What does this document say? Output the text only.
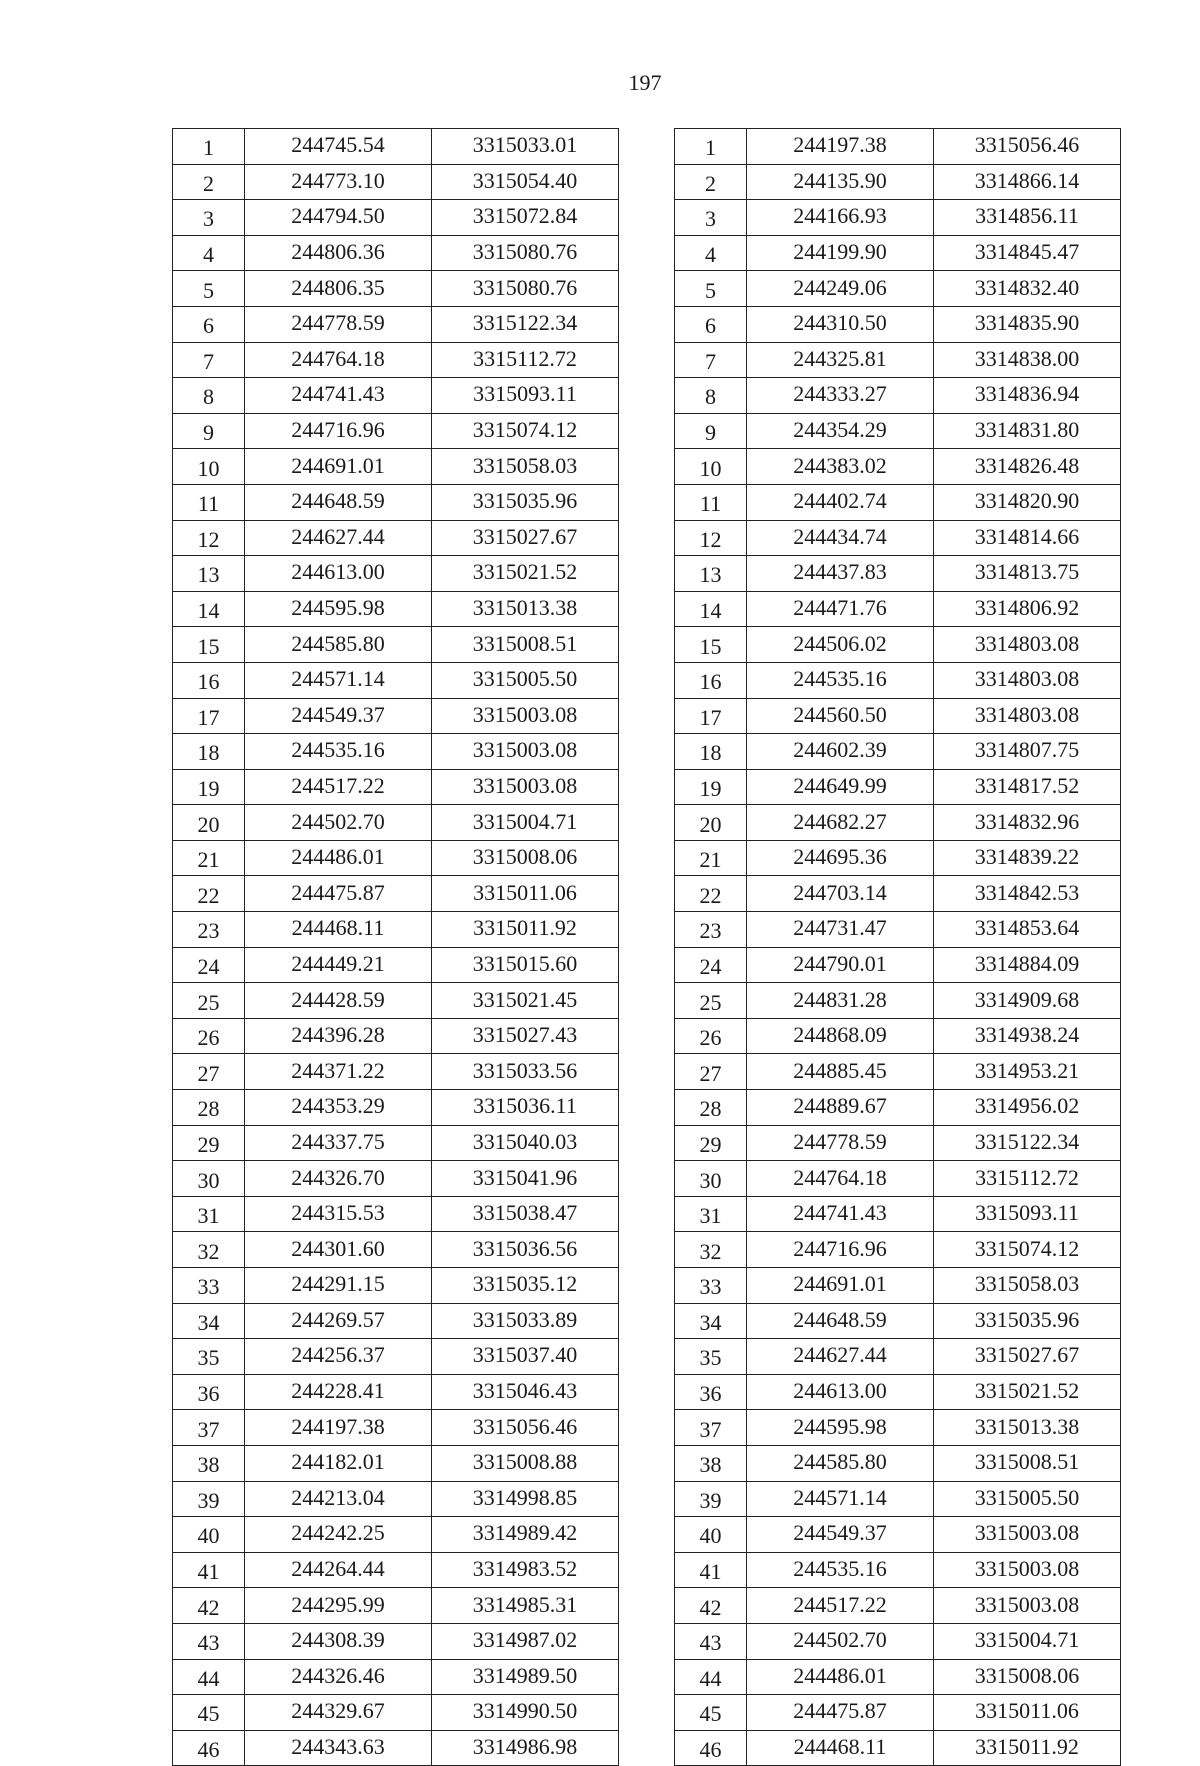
197
1	244745.54	3315033.01		1	244197.38	3315056.46
2	244773.10	3315054.40		2	244135.90	3314866.14
3	244794.50	3315072.84		3	244166.93	3314856.11
4	244806.36	3315080.76		4	244199.90	3314845.47
5	244806.35	3315080.76		5	244249.06	3314832.40
6	244778.59	3315122.34		6	244310.50	3314835.90
7	244764.18	3315112.72		7	244325.81	3314838.00
8	244741.43	3315093.11		8	244333.27	3314836.94
9	244716.96	3315074.12		9	244354.29	3314831.80
10	244691.01	3315058.03		10	244383.02	3314826.48
11	244648.59	3315035.96		11	244402.74	3314820.90
12	244627.44	3315027.67		12	244434.74	3314814.66
13	244613.00	3315021.52		13	244437.83	3314813.75
14	244595.98	3315013.38		14	244471.76	3314806.92
15	244585.80	3315008.51		15	244506.02	3314803.08
16	244571.14	3315005.50		16	244535.16	3314803.08
17	244549.37	3315003.08		17	244560.50	3314803.08
18	244535.16	3315003.08		18	244602.39	3314807.75
19	244517.22	3315003.08		19	244649.99	3314817.52
20	244502.70	3315004.71		20	244682.27	3314832.96
21	244486.01	3315008.06		21	244695.36	3314839.22
22	244475.87	3315011.06		22	244703.14	3314842.53
23	244468.11	3315011.92		23	244731.47	3314853.64
24	244449.21	3315015.60		24	244790.01	3314884.09
25	244428.59	3315021.45		25	244831.28	3314909.68
26	244396.28	3315027.43		26	244868.09	3314938.24
27	244371.22	3315033.56		27	244885.45	3314953.21
28	244353.29	3315036.11		28	244889.67	3314956.02
29	244337.75	3315040.03		29	244778.59	3315122.34
30	244326.70	3315041.96		30	244764.18	3315112.72
31	244315.53	3315038.47		31	244741.43	3315093.11
32	244301.60	3315036.56		32	244716.96	3315074.12
33	244291.15	3315035.12		33	244691.01	3315058.03
34	244269.57	3315033.89		34	244648.59	3315035.96
35	244256.37	3315037.40		35	244627.44	3315027.67
36	244228.41	3315046.43		36	244613.00	3315021.52
37	244197.38	3315056.46		37	244595.98	3315013.38
38	244182.01	3315008.88		38	244585.80	3315008.51
39	244213.04	3314998.85		39	244571.14	3315005.50
40	244242.25	3314989.42		40	244549.37	3315003.08
41	244264.44	3314983.52		41	244535.16	3315003.08
42	244295.99	3314985.31		42	244517.22	3315003.08
43	244308.39	3314987.02		43	244502.70	3315004.71
44	244326.46	3314989.50		44	244486.01	3315008.06
45	244329.67	3314990.50		45	244475.87	3315011.06
46	244343.63	3314986.98		46	244468.11	3315011.92
